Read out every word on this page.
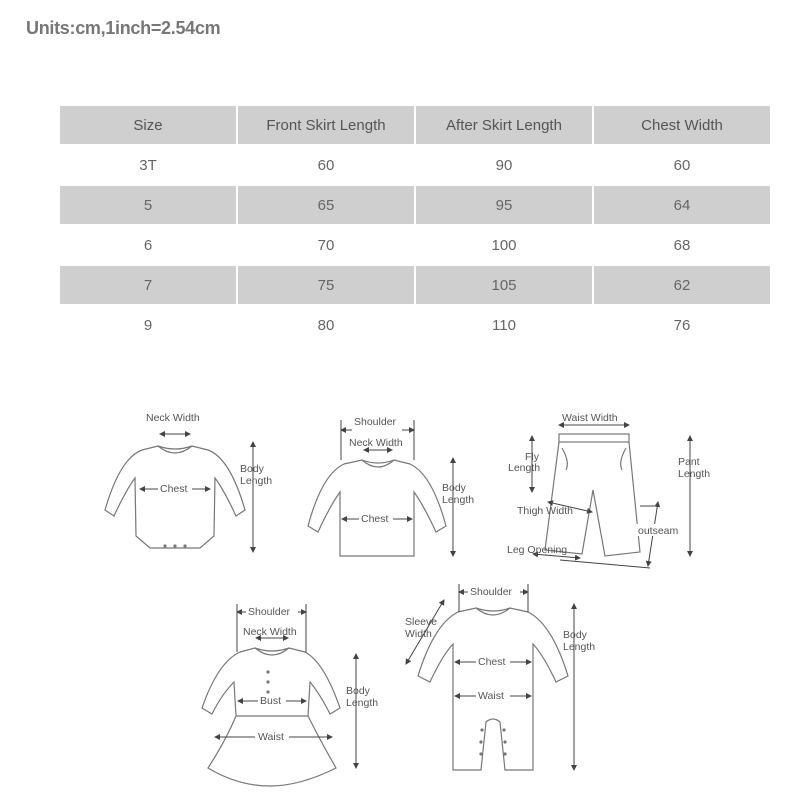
Units:cm,1inch=2.54cm
Size	Front Skirt Length	After Skirt Length	Chest Width
3T	60	90	60
5	65	95	64
6	70	100	68
7	75	105	62
9	80	110	76
Neck Width
Chest
Body
Length
Shoulder
Neck Width
Chest
Body
Length
Waist Width
Fly
Length	Pant
Length
Thigh Width
outseam
Leg Opening
Shoulder
Neck Width
Bust
Waist
Body
Length
Shoulder
Sleeve
Width
Chest
Waist
Body
Length
